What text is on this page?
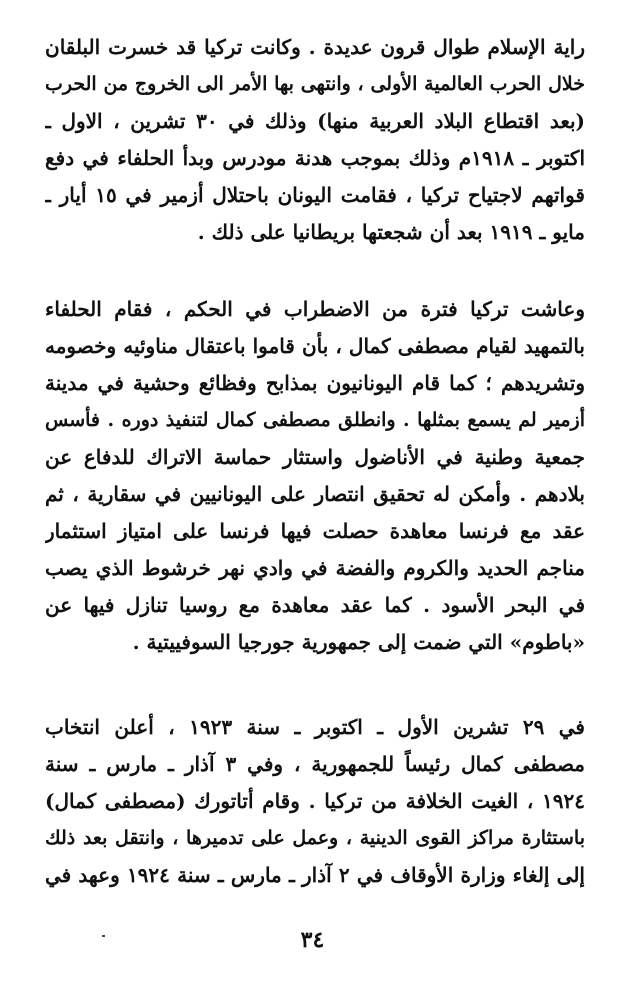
راية الإسلام طوال قرون عديدة . وكانت تركيا قد خسرت البلقان
خلال الحرب العالمية الأولى ، وانتهى بها الأمر الى الخروج من الحرب
(بعد اقتطاع البلاد العربية منها) وذلك في ٣٠ تشرين ، الاول ـ
اكتوبر ـ ١٩١٨م وذلك بموجب هدنة مودرس وبدأ الحلفاء في دفع
قواتهم لاجتياح تركيا ، فقامت اليونان باحتلال أزمير في ١٥ أيار ـ
مايو ـ ١٩١٩ بعد أن شجعتها بريطانيا على ذلك .
وعاشت تركيا فترة من الاضطراب في الحكم ، فقام الحلفاء
بالتمهيد لقيام مصطفى كمال ، بأن قاموا باعتقال مناوئيه وخصومه
وتشريدهم ؛ كما قام اليونانيون بمذابح وفظائع وحشية في مدينة
أزمير لم يسمع بمثلها . وانطلق مصطفى كمال لتنفيذ دوره . فأسس
جمعية وطنية في الأناضول واستثار حماسة الاتراك للدفاع عن
بلادهم . وأمكن له تحقيق انتصار على اليونانيين في سقارية ، ثم
عقد مع فرنسا معاهدة حصلت فيها فرنسا على امتياز استثمار
مناجم الحديد والكروم والفضة في وادي نهر خرشوط الذي يصب
في البحر الأسود . كما عقد معاهدة مع روسيا تنازل فيها عن
«باطوم» التي ضمت إلى جمهورية جورجيا السوفييتية .
في ٢٩ تشرين الأول ـ اكتوبر ـ سنة ١٩٢٣ ، أعلن انتخاب
مصطفى كمال رئيساً للجمهورية ، وفي ٣ آذار ـ مارس ـ سنة
١٩٢٤ ، الغيت الخلافة من تركيا . وقام أتاتورك (مصطفى كمال)
باستثارة مراكز القوى الدينية ، وعمل على تدميرها ، وانتقل بعد ذلك
إلى إلغاء وزارة الأوقاف في ٢ آذار ـ مارس ـ سنة ١٩٢٤ وعهد في
٣٤
